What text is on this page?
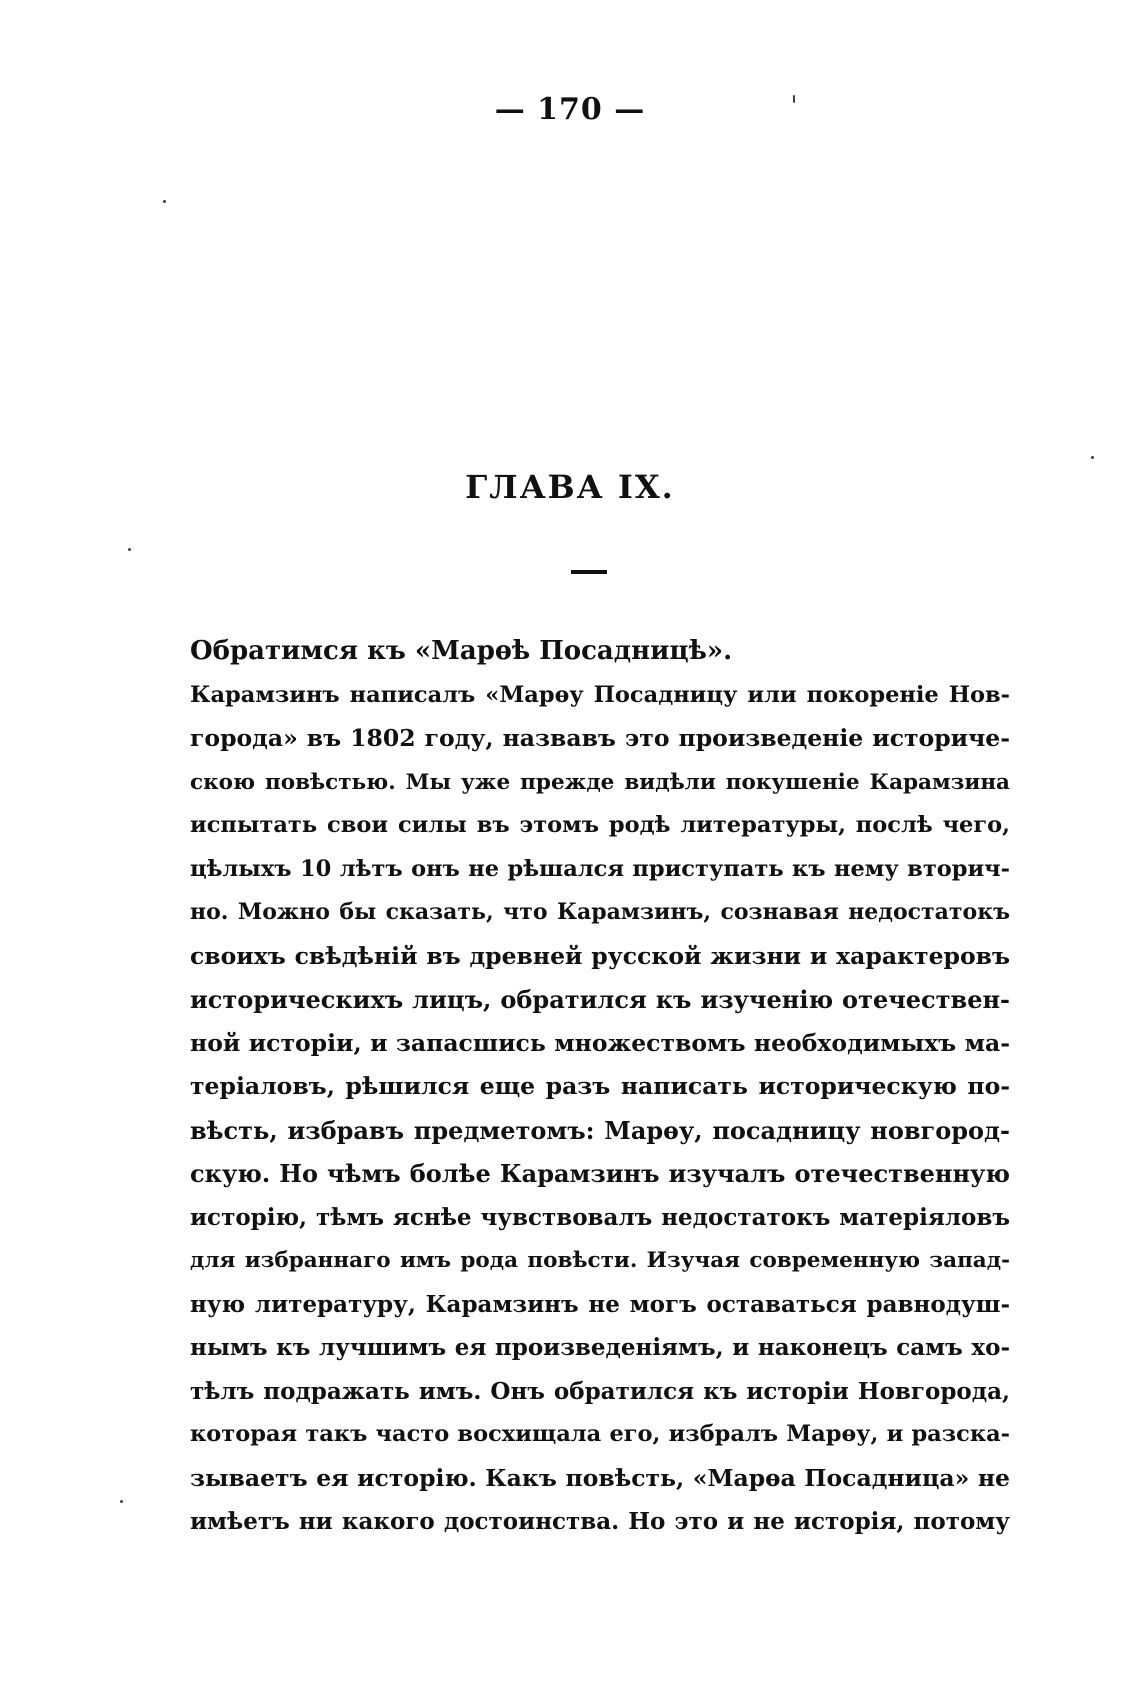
— 170 —
ГЛАВА IX.
Обратимся къ «Марѳѣ Посадницѣ».
Карамзинъ написалъ «Марѳу Посадницу или покореніе Нов-
города» въ 1802 году, назвавъ это произведеніе историче-
скою повѣстью. Мы уже прежде видѣли покушеніе Карамзина
испытать свои силы въ этомъ родѣ литературы, послѣ чего,
цѣлыхъ 10 лѣтъ онъ не рѣшался приступать къ нему вторич-
но. Можно бы сказать, что Карамзинъ, сознавая недостатокъ
своихъ свѣдѣній въ древней русской жизни и характеровъ
историческихъ лицъ, обратился къ изученію отечествен-
ной исторіи, и запасшись множествомъ необходимыхъ ма-
теріаловъ, рѣшился еще разъ написать историческую по-
вѣсть, избравъ предметомъ: Марѳу, посадницу новгород-
скую. Но чѣмъ болѣе Карамзинъ изучалъ отечественную
исторію, тѣмъ яснѣе чувствовалъ недостатокъ матеріяловъ
для избраннаго имъ рода повѣсти. Изучая современную запад-
ную литературу, Карамзинъ не могъ оставаться равнодуш-
нымъ къ лучшимъ ея произведеніямъ, и наконецъ самъ хо-
тѣлъ подражать имъ. Онъ обратился къ исторіи Новгорода,
которая такъ часто восхищала его, избралъ Марѳу, и разска-
зываетъ ея исторію. Какъ повѣсть, «Марѳа Посадница» не
имѣетъ ни какого достоинства. Но это и не исторія, потому
